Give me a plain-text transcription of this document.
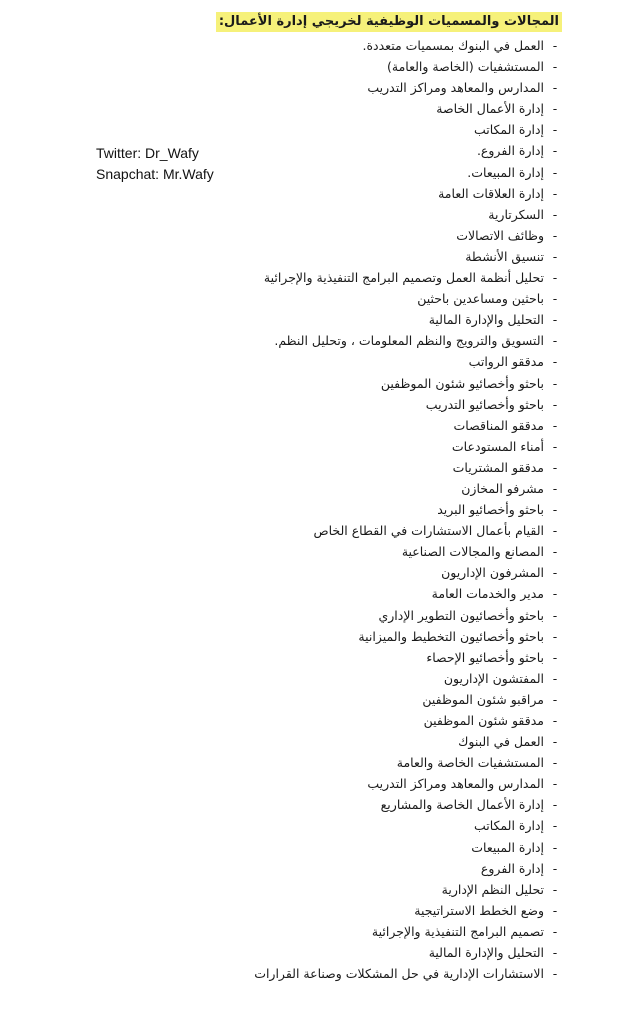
المجالات والمسميات الوظيفية لخريجي إدارة الأعمال:
-العمل في البنوك بمسميات متعددة.
-المستشفيات (الخاصة والعامة)
-المدارس والمعاهد ومراكز التدريب
-إدارة الأعمال الخاصة
-إدارة المكاتب
-إدارة الفروع.
-إدارة المبيعات.
-إدارة العلاقات العامة
-السكرتارية
-وظائف الاتصالات
-تنسيق الأنشطة
-تحليل أنظمة العمل وتصميم البرامج التنفيذية والإجرائية
-باحثين ومساعدين باحثين
-التحليل والإدارة المالية
-التسويق والترويج والنظم المعلومات ، وتحليل النظم.
-مدققو الرواتب
-باحثو وأخصائيو شئون الموظفين
-باحثو وأخصائيو التدريب
-مدققو المناقصات
-أمناء المستودعات
-مدققو المشتريات
-مشرفو المخازن
-باحثو وأخصائيو البريد
-القيام بأعمال الاستشارات في القطاع الخاص
-المصانع والمجالات الصناعية
-المشرفون الإداريون
-مدير والخدمات العامة
-باحثو وأخصائيون التطوير الإداري
-باحثو وأخصائيون التخطيط والميزانية
-باحثو وأخصائيو الإحصاء
-المفتشون الإداريون
-مراقبو شئون الموظفين
-مدققو شئون الموظفين
-العمل في البنوك
-المستشفيات الخاصة والعامة
-المدارس والمعاهد ومراكز التدريب
-إدارة الأعمال الخاصة والمشاريع
-إدارة المكاتب
-إدارة المبيعات
-إدارة الفروع
-تحليل النظم الإدارية
-وضع الخطط الاستراتيجية
-تصميم البرامج التنفيذية والإجرائية
-التحليل والإدارة المالية
-الاستشارات الإدارية في حل المشكلات وصناعة القرارات
Twitter: Dr_Wafy
Snapchat: Mr.Wafy
